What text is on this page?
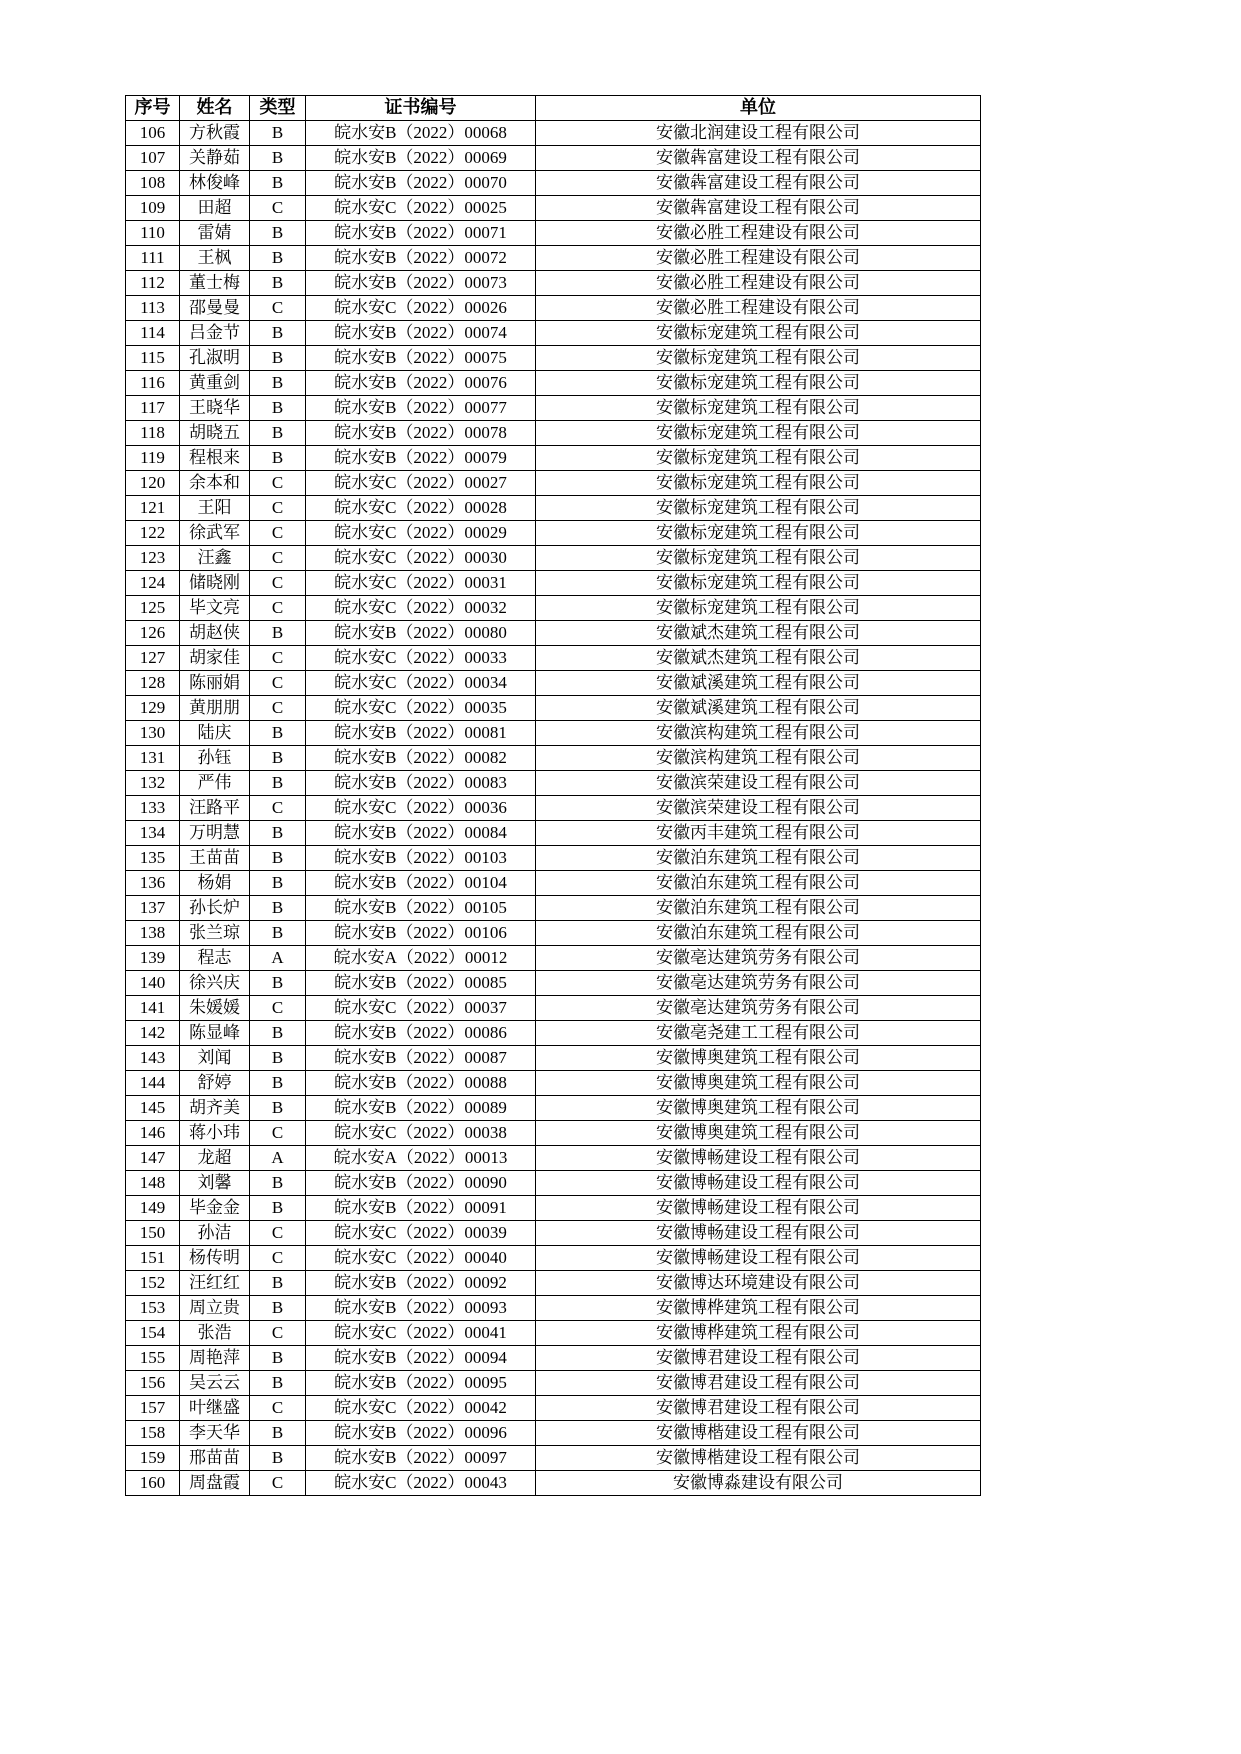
序号	姓名	类型	证书编号	单位
106	方秋霞	B	皖水安B（2022）00068	安徽北润建设工程有限公司
107	关静茹	B	皖水安B（2022）00069	安徽犇富建设工程有限公司
108	林俊峰	B	皖水安B（2022）00070	安徽犇富建设工程有限公司
109	田超	C	皖水安C（2022）00025	安徽犇富建设工程有限公司
110	雷婧	B	皖水安B（2022）00071	安徽必胜工程建设有限公司
111	王枫	B	皖水安B（2022）00072	安徽必胜工程建设有限公司
112	董士梅	B	皖水安B（2022）00073	安徽必胜工程建设有限公司
113	邵曼曼	C	皖水安C（2022）00026	安徽必胜工程建设有限公司
114	吕金节	B	皖水安B（2022）00074	安徽标宠建筑工程有限公司
115	孔淑明	B	皖水安B（2022）00075	安徽标宠建筑工程有限公司
116	黄重剑	B	皖水安B（2022）00076	安徽标宠建筑工程有限公司
117	王晓华	B	皖水安B（2022）00077	安徽标宠建筑工程有限公司
118	胡晓五	B	皖水安B（2022）00078	安徽标宠建筑工程有限公司
119	程根来	B	皖水安B（2022）00079	安徽标宠建筑工程有限公司
120	余本和	C	皖水安C（2022）00027	安徽标宠建筑工程有限公司
121	王阳	C	皖水安C（2022）00028	安徽标宠建筑工程有限公司
122	徐武军	C	皖水安C（2022）00029	安徽标宠建筑工程有限公司
123	汪鑫	C	皖水安C（2022）00030	安徽标宠建筑工程有限公司
124	储晓刚	C	皖水安C（2022）00031	安徽标宠建筑工程有限公司
125	毕文亮	C	皖水安C（2022）00032	安徽标宠建筑工程有限公司
126	胡赵侠	B	皖水安B（2022）00080	安徽斌杰建筑工程有限公司
127	胡家佳	C	皖水安C（2022）00033	安徽斌杰建筑工程有限公司
128	陈丽娟	C	皖水安C（2022）00034	安徽斌溪建筑工程有限公司
129	黄朋朋	C	皖水安C（2022）00035	安徽斌溪建筑工程有限公司
130	陆庆	B	皖水安B（2022）00081	安徽滨构建筑工程有限公司
131	孙钰	B	皖水安B（2022）00082	安徽滨构建筑工程有限公司
132	严伟	B	皖水安B（2022）00083	安徽滨荣建设工程有限公司
133	汪路平	C	皖水安C（2022）00036	安徽滨荣建设工程有限公司
134	万明慧	B	皖水安B（2022）00084	安徽丙丰建筑工程有限公司
135	王苗苗	B	皖水安B（2022）00103	安徽泊东建筑工程有限公司
136	杨娟	B	皖水安B（2022）00104	安徽泊东建筑工程有限公司
137	孙长炉	B	皖水安B（2022）00105	安徽泊东建筑工程有限公司
138	张兰琼	B	皖水安B（2022）00106	安徽泊东建筑工程有限公司
139	程志	A	皖水安A（2022）00012	安徽亳达建筑劳务有限公司
140	徐兴庆	B	皖水安B（2022）00085	安徽亳达建筑劳务有限公司
141	朱媛媛	C	皖水安C（2022）00037	安徽亳达建筑劳务有限公司
142	陈显峰	B	皖水安B（2022）00086	安徽亳尧建工工程有限公司
143	刘闻	B	皖水安B（2022）00087	安徽博奥建筑工程有限公司
144	舒婷	B	皖水安B（2022）00088	安徽博奥建筑工程有限公司
145	胡齐美	B	皖水安B（2022）00089	安徽博奥建筑工程有限公司
146	蒋小玮	C	皖水安C（2022）00038	安徽博奥建筑工程有限公司
147	龙超	A	皖水安A（2022）00013	安徽博畅建设工程有限公司
148	刘馨	B	皖水安B（2022）00090	安徽博畅建设工程有限公司
149	毕金金	B	皖水安B（2022）00091	安徽博畅建设工程有限公司
150	孙洁	C	皖水安C（2022）00039	安徽博畅建设工程有限公司
151	杨传明	C	皖水安C（2022）00040	安徽博畅建设工程有限公司
152	汪红红	B	皖水安B（2022）00092	安徽博达环境建设有限公司
153	周立贵	B	皖水安B（2022）00093	安徽博桦建筑工程有限公司
154	张浩	C	皖水安C（2022）00041	安徽博桦建筑工程有限公司
155	周艳萍	B	皖水安B（2022）00094	安徽博君建设工程有限公司
156	吴云云	B	皖水安B（2022）00095	安徽博君建设工程有限公司
157	叶继盛	C	皖水安C（2022）00042	安徽博君建设工程有限公司
158	李天华	B	皖水安B（2022）00096	安徽博楷建设工程有限公司
159	邢苗苗	B	皖水安B（2022）00097	安徽博楷建设工程有限公司
160	周盘霞	C	皖水安C（2022）00043	安徽博淼建设有限公司
